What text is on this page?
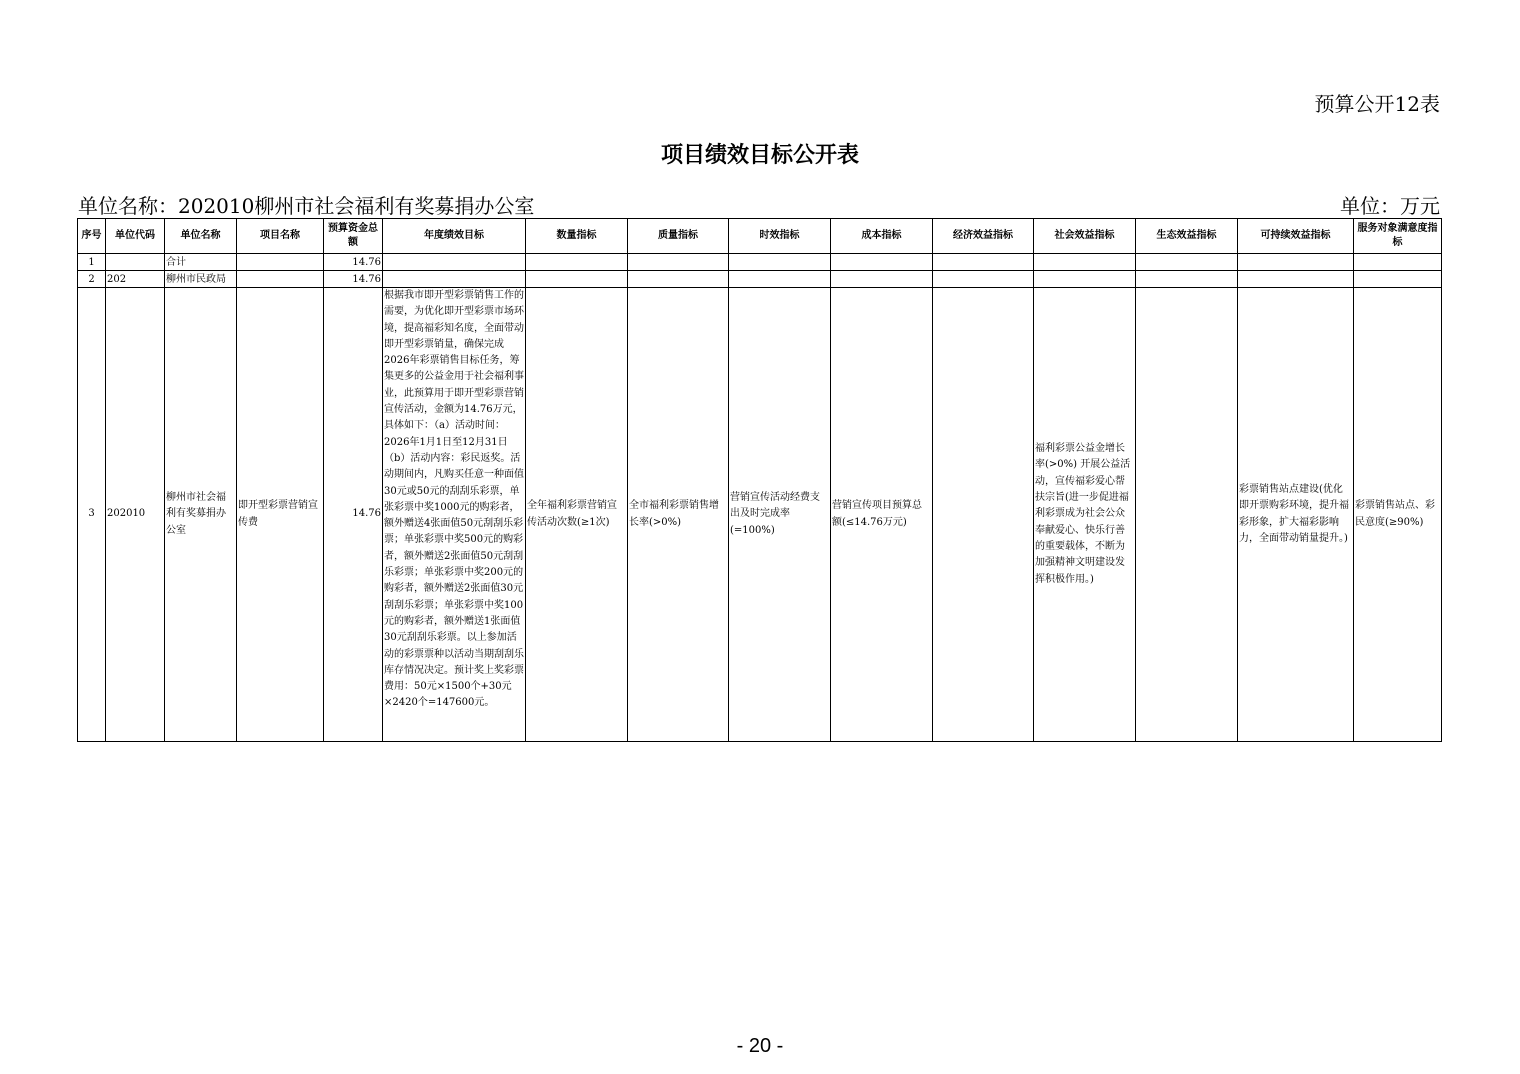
预算公开12表
项目绩效目标公开表
单位名称：202010柳州市社会福利有奖募捐办公室	单位：万元
序号	单位代码	单位名称	项目名称	预算资金总额	年度绩效目标	数量指标	质量指标	时效指标	成本指标	经济效益指标	社会效益指标	生态效益指标	可持续效益指标	服务对象满意度指标
1		合计		14.76										
2	202	柳州市民政局		14.76										
3	202010	柳州市社会福利有奖募捐办公室	即开型彩票营销宣传费	14.76	根据我市即开型彩票销售工作的需要，为优化即开型彩票市场环境，提高福彩知名度，全面带动即开型彩票销量，确保完成2026年彩票销售目标任务，筹集更多的公益金用于社会福利事业，此预算用于即开型彩票营销宣传活动，金额为14.76万元，具体如下：（a）活动时间：2026年1月1日至12月31日 （b）活动内容：彩民返奖。活动期间内，凡购买任意一种面值30元或50元的刮刮乐彩票，单张彩票中奖1000元的购彩者，额外赠送4张面值50元刮刮乐彩票；单张彩票中奖500元的购彩者，额外赠送2张面值50元刮刮乐彩票；单张彩票中奖200元的购彩者，额外赠送2张面值30元刮刮乐彩票；单张彩票中奖100元的购彩者，额外赠送1张面值30元刮刮乐彩票。以上参加活动的彩票票种以活动当期刮刮乐库存情况决定。预计奖上奖彩票费用：50元×1500个+30元×2420个=147600元。	全年福利彩票营销宣传活动次数(≥1次)	全市福利彩票销售增长率(>0%)	营销宣传活动经费支出及时完成率(=100%)	营销宣传项目预算总额(≤14.76万元)		福利彩票公益金增长率(>0%) 开展公益活动，宣传福彩爱心帮扶宗旨(进一步促进福利彩票成为社会公众奉献爱心、快乐行善的重要载体，不断为加强精神文明建设发挥积极作用。)		彩票销售站点建设(优化即开票购彩环境，提升福彩形象，扩大福彩影响力，全面带动销量提升。)	彩票销售站点、彩民意度(≥90%)
- 20 -
